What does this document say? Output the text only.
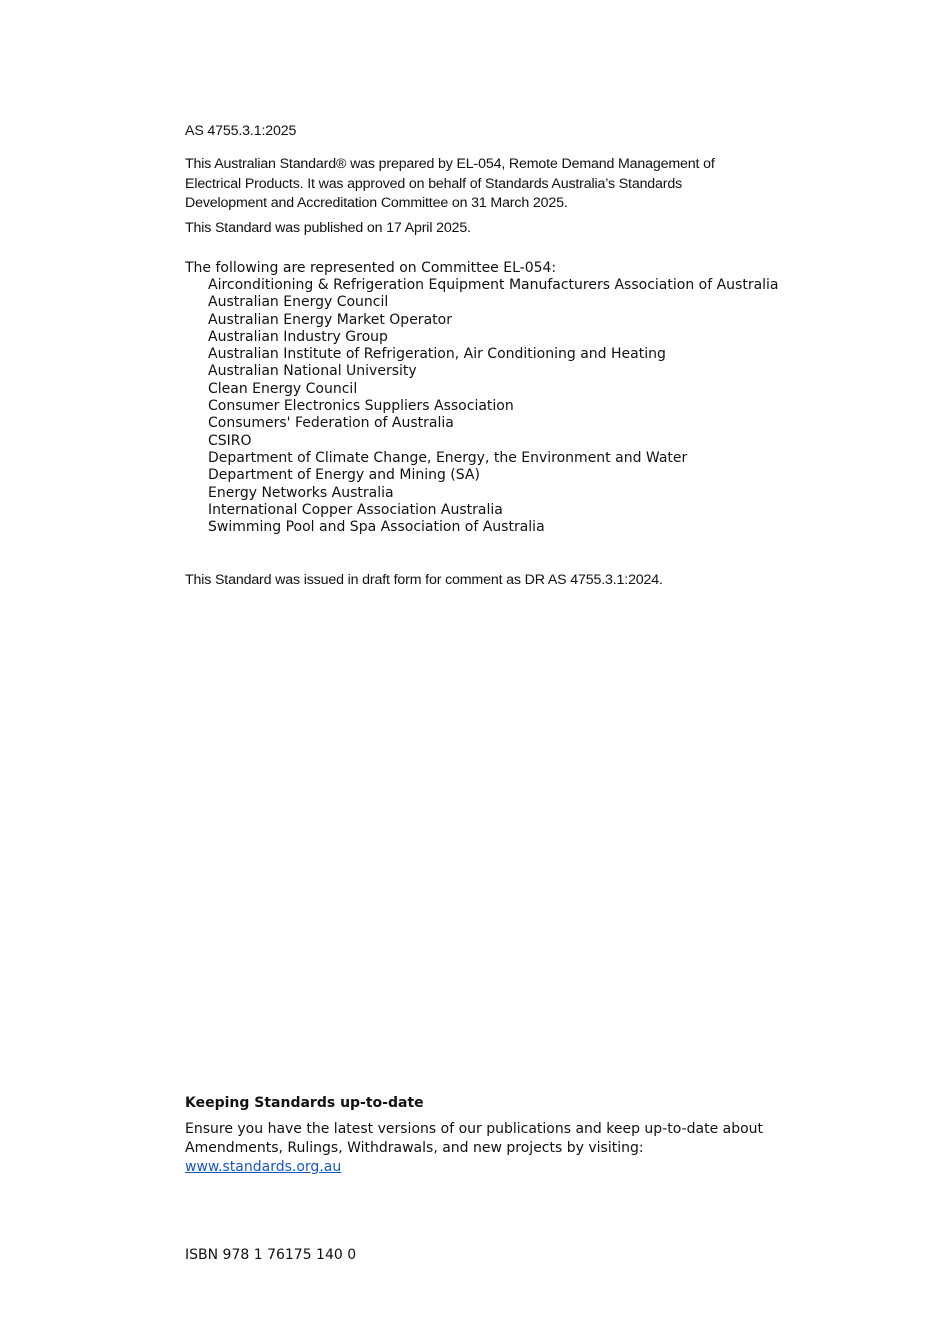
AS 4755.3.1:2025

This Australian Standard® was prepared by EL-054, Remote Demand Management of Electrical Products. It was approved on behalf of Standards Australia’s Standards Development and Accreditation Committee on 31 March 2025.

This Standard was published on 17 April 2025.

The following are represented on Committee EL-054:

Airconditioning & Refrigeration Equipment Manufacturers Association of Australia
Australian Energy Council
Australian Energy Market Operator
Australian Industry Group
Australian Institute of Refrigeration, Air Conditioning and Heating
Australian National University
Clean Energy Council
Consumer Electronics Suppliers Association
Consumers' Federation of Australia
CSIRO
Department of Climate Change, Energy, the Environment and Water
Department of Energy and Mining (SA)
Energy Networks Australia
International Copper Association Australia
Swimming Pool and Spa Association of Australia

This Standard was issued in draft form for comment as DR AS 4755.3.1:2024.

Keeping Standards up-to-date

Ensure you have the latest versions of our publications and keep up-to-date about Amendments, Rulings, Withdrawals, and new projects by visiting:
www.standards.org.au

ISBN 978 1 76175 140 0
